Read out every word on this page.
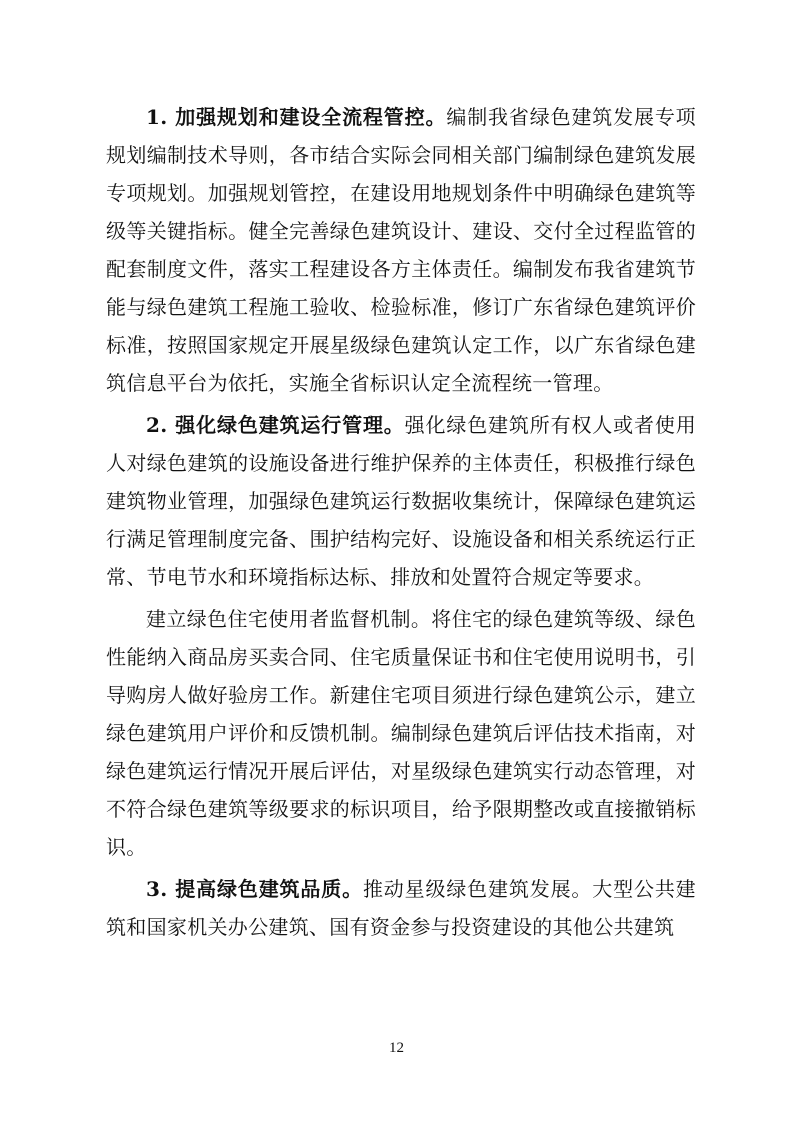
1. 加强规划和建设全流程管控。编制我省绿色建筑发展专项规划编制技术导则，各市结合实际会同相关部门编制绿色建筑发展专项规划。加强规划管控，在建设用地规划条件中明确绿色建筑等级等关键指标。健全完善绿色建筑设计、建设、交付全过程监管的配套制度文件，落实工程建设各方主体责任。编制发布我省建筑节能与绿色建筑工程施工验收、检验标准，修订广东省绿色建筑评价标准，按照国家规定开展星级绿色建筑认定工作，以广东省绿色建筑信息平台为依托，实施全省标识认定全流程统一管理。

2. 强化绿色建筑运行管理。强化绿色建筑所有权人或者使用人对绿色建筑的设施设备进行维护保养的主体责任，积极推行绿色建筑物业管理，加强绿色建筑运行数据收集统计，保障绿色建筑运行满足管理制度完备、围护结构完好、设施设备和相关系统运行正常、节电节水和环境指标达标、排放和处置符合规定等要求。

建立绿色住宅使用者监督机制。将住宅的绿色建筑等级、绿色性能纳入商品房买卖合同、住宅质量保证书和住宅使用说明书，引导购房人做好验房工作。新建住宅项目须进行绿色建筑公示，建立绿色建筑用户评价和反馈机制。编制绿色建筑后评估技术指南，对绿色建筑运行情况开展后评估，对星级绿色建筑实行动态管理，对不符合绿色建筑等级要求的标识项目，给予限期整改或直接撤销标识。

3. 提高绿色建筑品质。推动星级绿色建筑发展。大型公共建筑和国家机关办公建筑、国有资金参与投资建设的其他公共建筑

12
